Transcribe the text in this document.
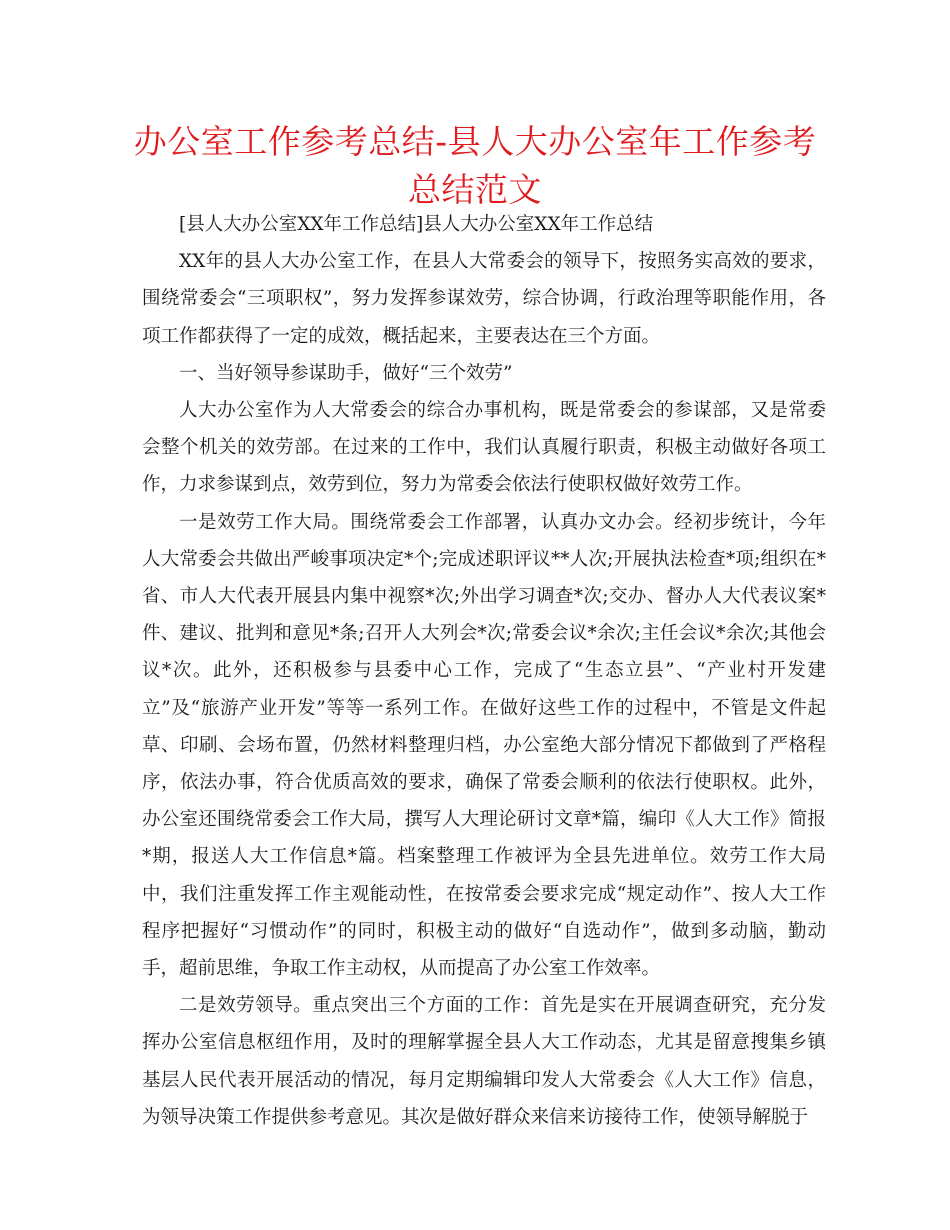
办公室工作参考总结-县人大办公室年工作参考总结范文

[县人大办公室XX年工作总结]县人大办公室XX年工作总结

XX年的县人大办公室工作，在县人大常委会的领导下，按照务实高效的要求，围绕常委会“三项职权”，努力发挥参谋效劳，综合协调，行政治理等职能作用，各项工作都获得了一定的成效，概括起来，主要表达在三个方面。

一、当好领导参谋助手，做好“三个效劳”

人大办公室作为人大常委会的综合办事机构，既是常委会的参谋部，又是常委会整个机关的效劳部。在过来的工作中，我们认真履行职责，积极主动做好各项工作，力求参谋到点，效劳到位，努力为常委会依法行使职权做好效劳工作。

一是效劳工作大局。围绕常委会工作部署，认真办文办会。经初步统计，今年人大常委会共做出严峻事项决定*个;完成述职评议**人次;开展执法检查*项;组织在*省、市人大代表开展县内集中视察*次;外出学习调查*次;交办、督办人大代表议案*件、建议、批判和意见*条;召开人大列会*次;常委会议*余次;主任会议*余次;其他会议*次。此外，还积极参与县委中心工作，完成了“生态立县”、“产业村开发建立”及“旅游产业开发”等等一系列工作。在做好这些工作的过程中，不管是文件起草、印刷、会场布置，仍然材料整理归档，办公室绝大部分情况下都做到了严格程序，依法办事，符合优质高效的要求，确保了常委会顺利的依法行使职权。此外，办公室还围绕常委会工作大局，撰写人大理论研讨文章*篇，编印《人大工作》简报*期，报送人大工作信息*篇。档案整理工作被评为全县先进单位。效劳工作大局中，我们注重发挥工作主观能动性，在按常委会要求完成“规定动作”、按人大工作程序把握好“习惯动作”的同时，积极主动的做好“自选动作”，做到多动脑，勤动手，超前思维，争取工作主动权，从而提高了办公室工作效率。

二是效劳领导。重点突出三个方面的工作：首先是实在开展调查研究，充分发挥办公室信息枢纽作用，及时的理解掌握全县人大工作动态，尤其是留意搜集乡镇基层人民代表开展活动的情况，每月定期编辑印发人大常委会《人大工作》信息，为领导决策工作提供参考意见。其次是做好群众来信来访接待工作，使领导解脱于
